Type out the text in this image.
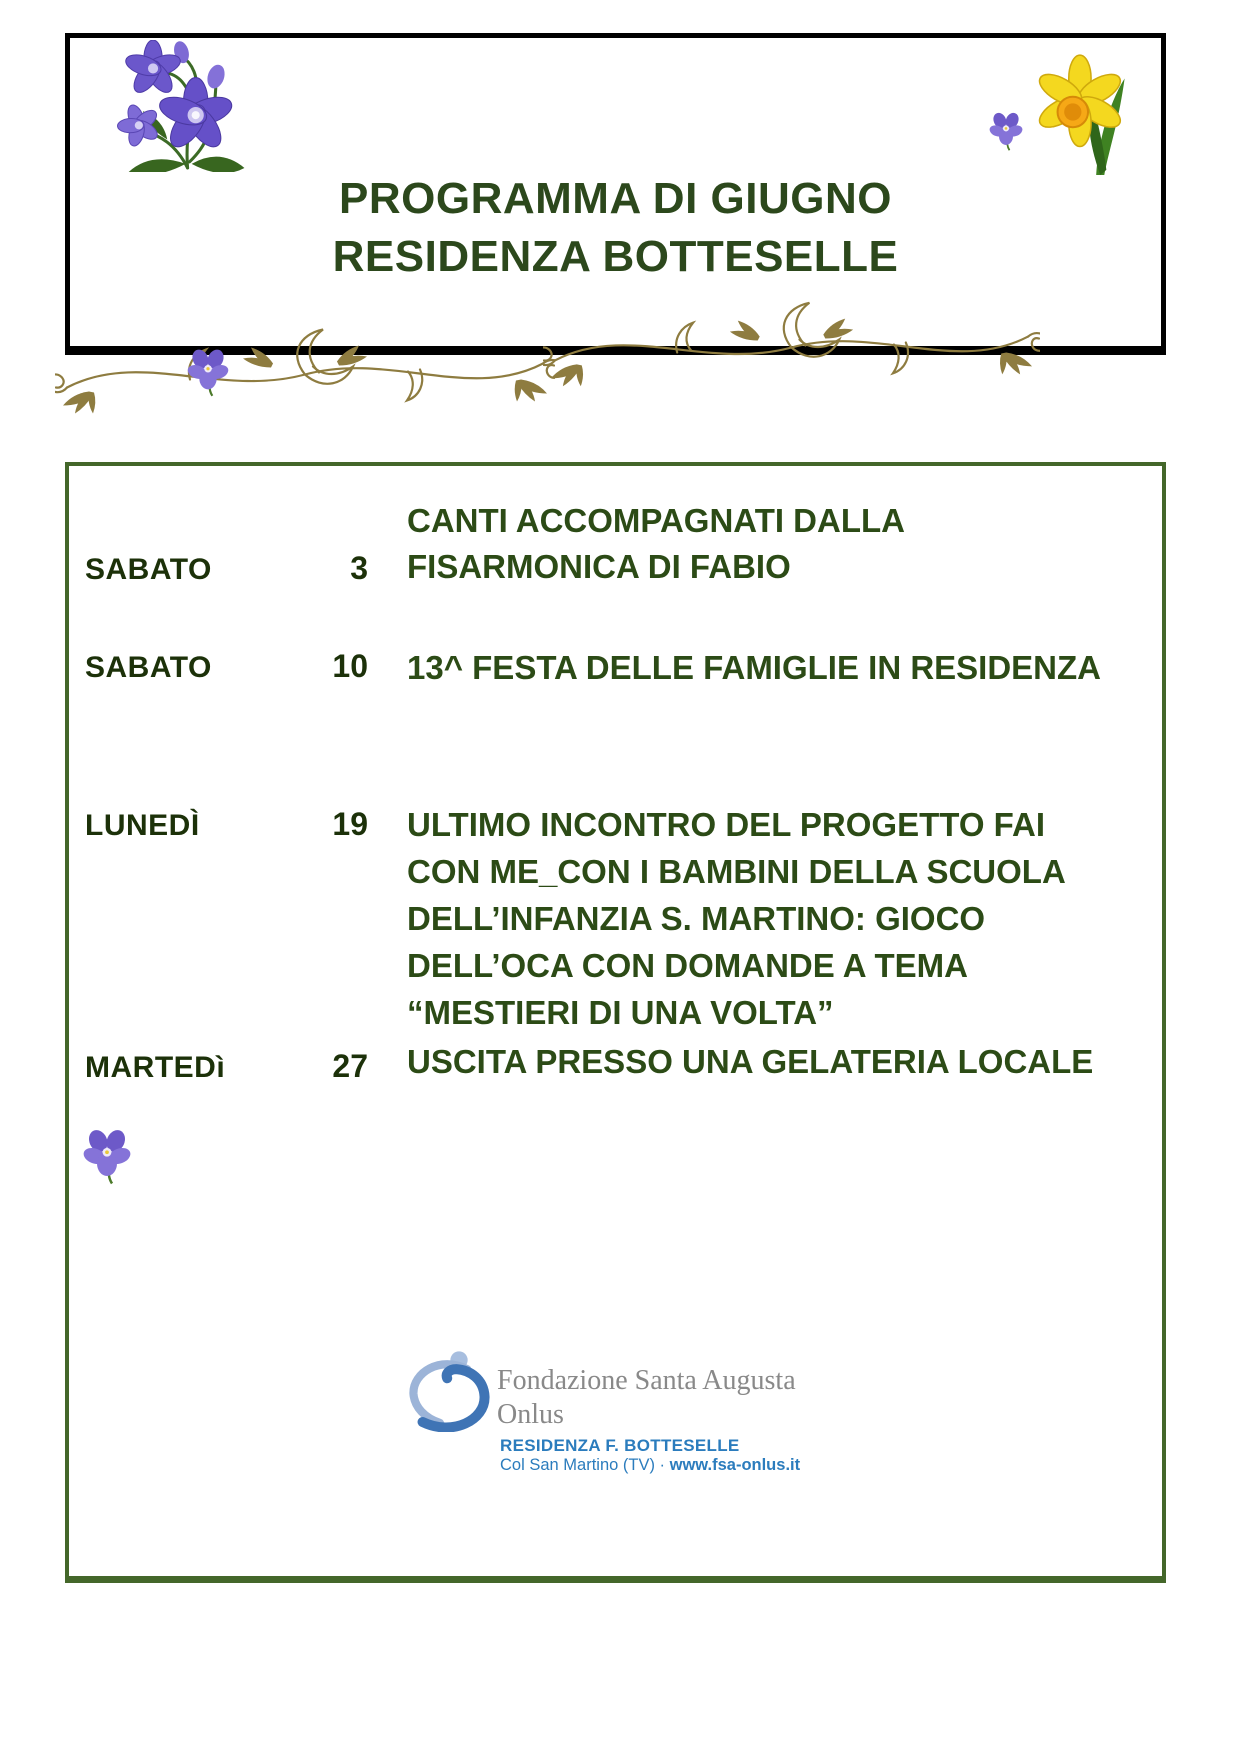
PROGRAMMA DI GIUGNO
RESIDENZA BOTTESELLE
SABATO	3
CANTI ACCOMPAGNATI DALLA
FISARMONICA DI FABIO
SABATO	10 13^ FESTA DELLE FAMIGLIE IN RESIDENZA
LUNEDÌ	19 ULTIMO INCONTRO DEL PROGETTO FAI
CON ME_CON I BAMBINI DELLA SCUOLA
DELL’INFANZIA S. MARTINO: GIOCO
DELL’OCA CON DOMANDE A TEMA
“MESTIERI DI UNA VOLTA”
MARTEDì	27 USCITA PRESSO UNA GELATERIA LOCALE
Fondazione Santa Augusta
Onlus
RESIDENZA F. BOTTESELLE
Col San Martino (TV) · www.fsa-onlus.it
